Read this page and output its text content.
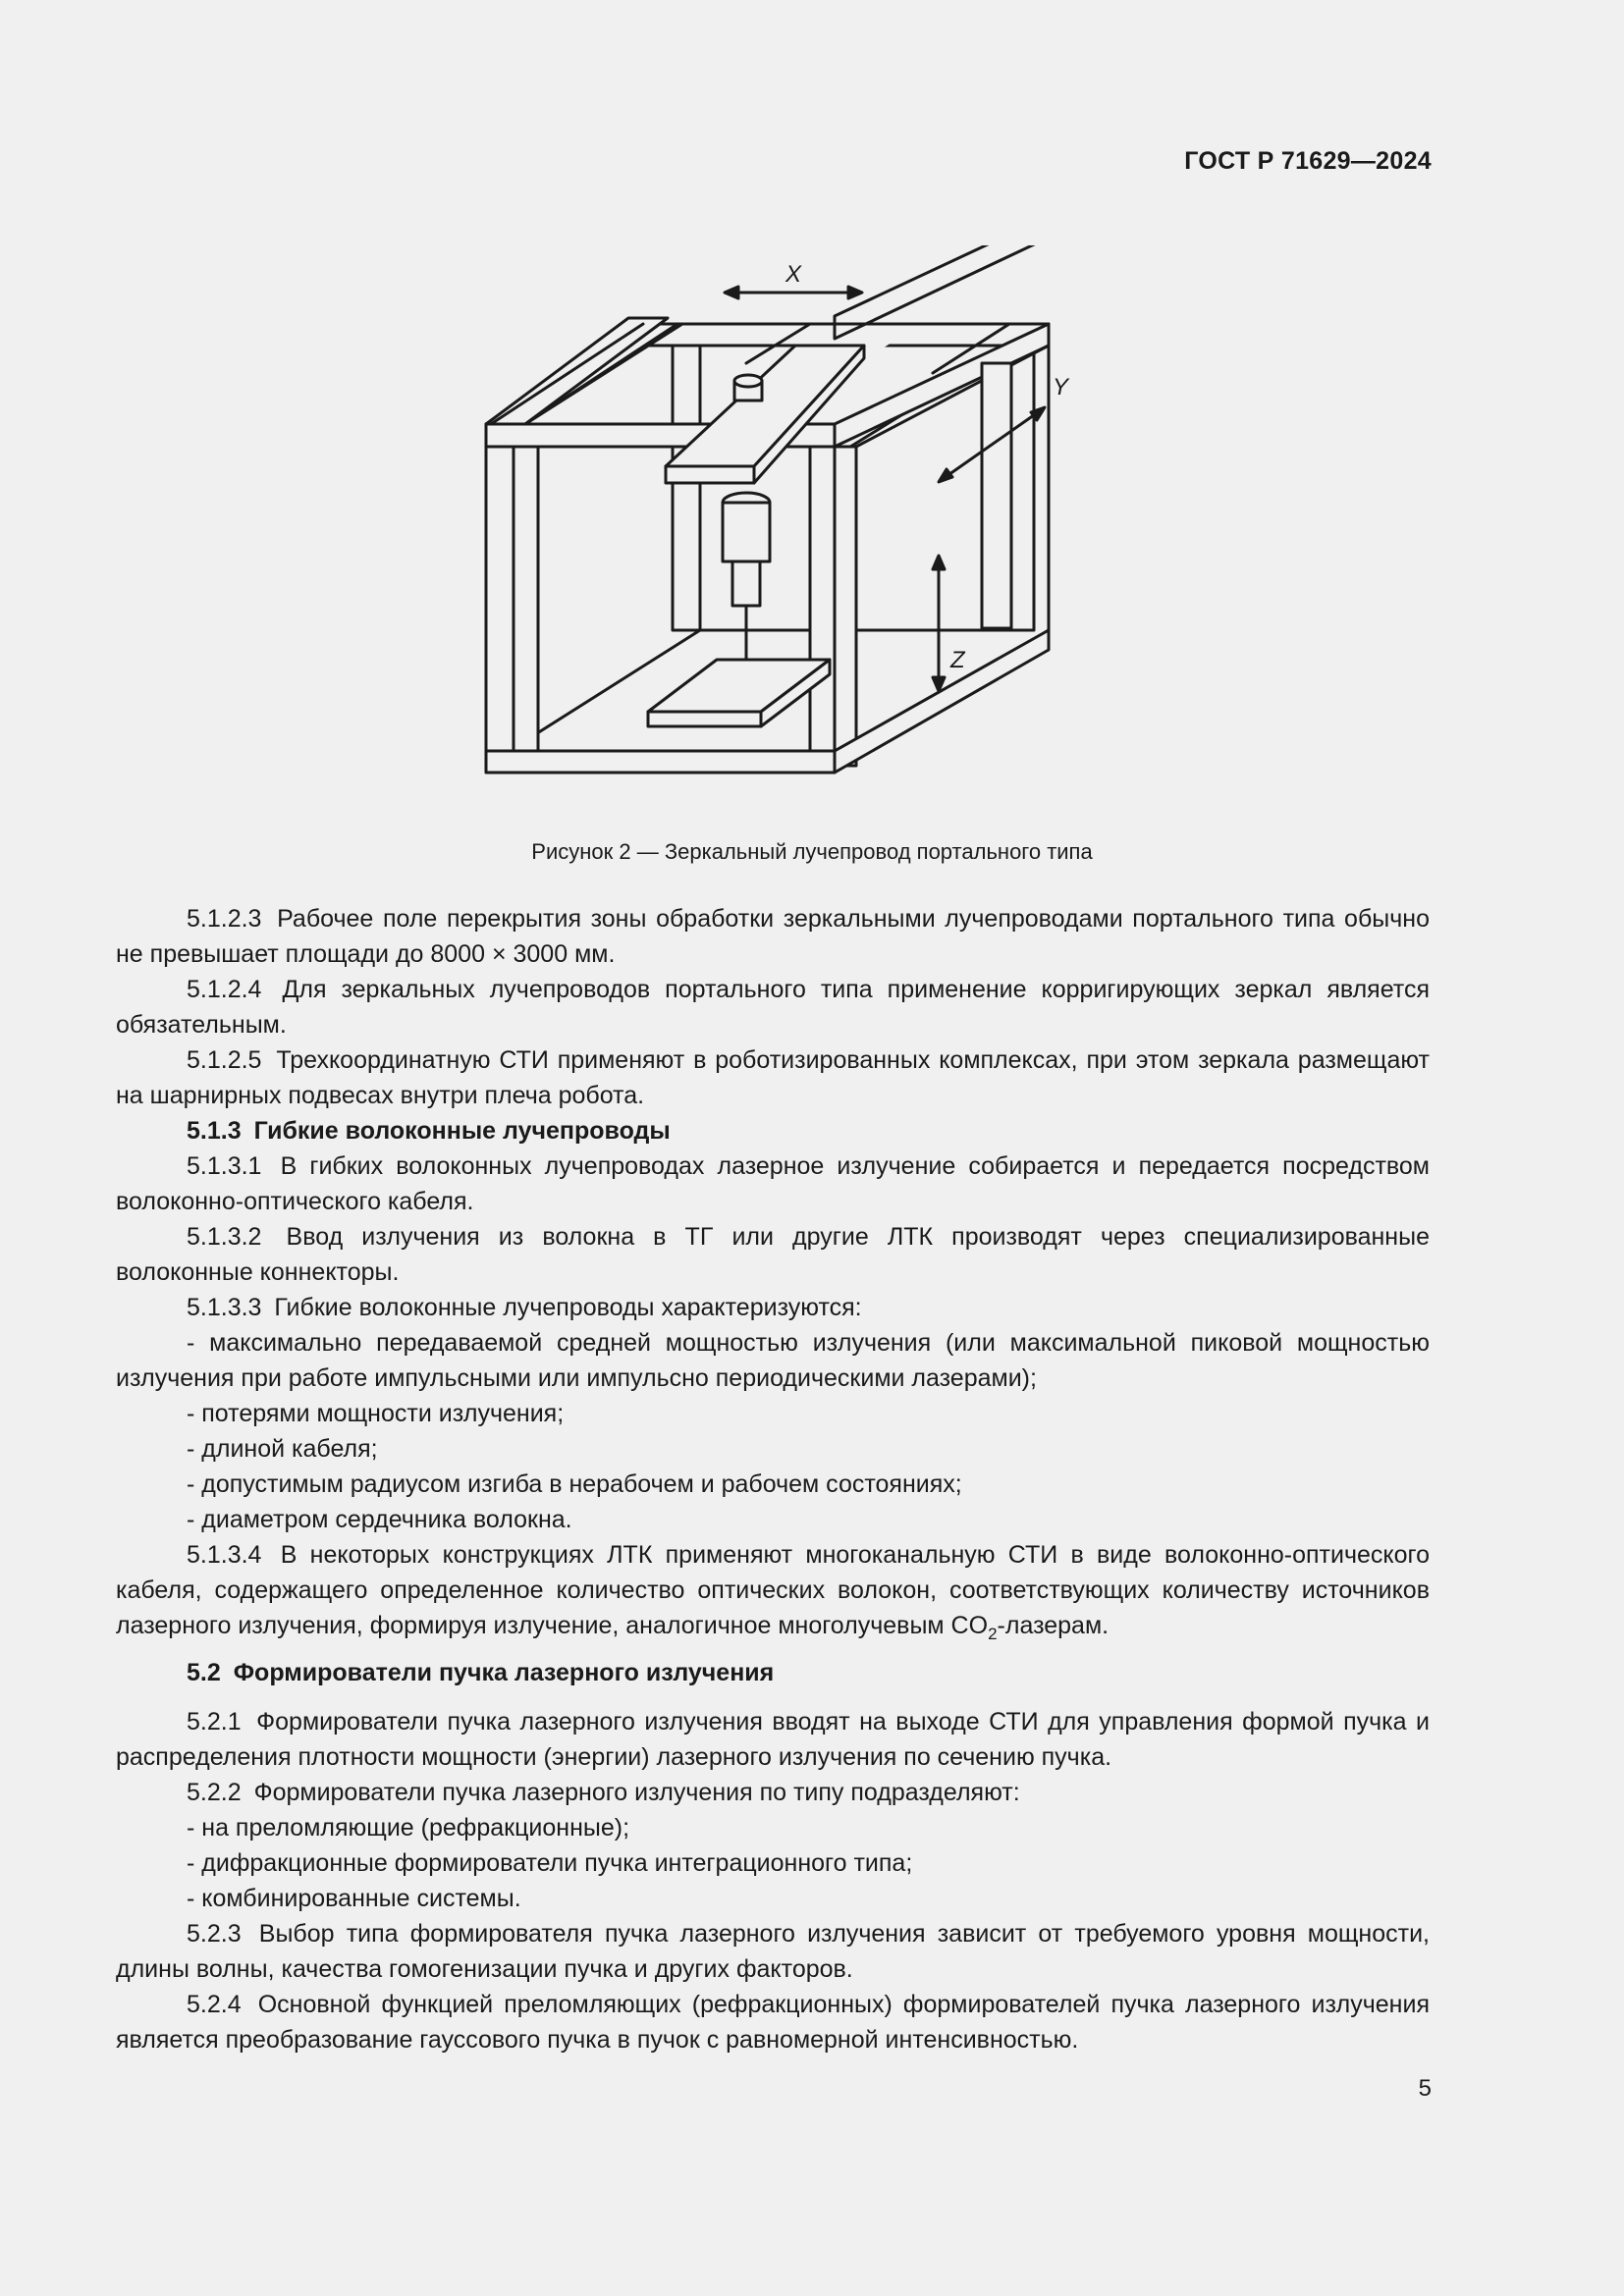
ГОСТ Р 71629—2024
X
Y
Z
Рисунок 2 — Зеркальный лучепровод портального типа

5.1.2.3 Рабочее поле перекрытия зоны обработки зеркальными лучепроводами портального типа обычно не превышает площади до 8000 × 3000 мм.

5.1.2.4 Для зеркальных лучепроводов портального типа применение корригирующих зеркал является обязательным.

5.1.2.5 Трехкоординатную СТИ применяют в роботизированных комплексах, при этом зеркала размещают на шарнирных подвесах внутри плеча робота.

5.1.3 Гибкие волоконные лучепроводы

5.1.3.1 В гибких волоконных лучепроводах лазерное излучение собирается и передается посредством волоконно-оптического кабеля.

5.1.3.2 Ввод излучения из волокна в ТГ или другие ЛТК производят через специализированные волоконные коннекторы.

5.1.3.3 Гибкие волоконные лучепроводы характеризуются:

- максимально передаваемой средней мощностью излучения (или максимальной пиковой мощностью излучения при работе импульсными или импульсно периодическими лазерами);

- потерями мощности излучения;

- длиной кабеля;

- допустимым радиусом изгиба в нерабочем и рабочем состояниях;

- диаметром сердечника волокна.

5.1.3.4 В некоторых конструкциях ЛТК применяют многоканальную СТИ в виде волоконно-оптического кабеля, содержащего определенное количество оптических волокон, соответствующих количеству источников лазерного излучения, формируя излучение, аналогичное многолучевым $CO_2$-лазерам.

5.2 Формирователи пучка лазерного излучения

5.2.1 Формирователи пучка лазерного излучения вводят на выходе СТИ для управления формой пучка и распределения плотности мощности (энергии) лазерного излучения по сечению пучка.

5.2.2 Формирователи пучка лазерного излучения по типу подразделяют:

- на преломляющие (рефракционные);

- дифракционные формирователи пучка интеграционного типа;

- комбинированные системы.

5.2.3 Выбор типа формирователя пучка лазерного излучения зависит от требуемого уровня мощности, длины волны, качества гомогенизации пучка и других факторов.

5.2.4 Основной функцией преломляющих (рефракционных) формирователей пучка лазерного излучения является преобразование гауссового пучка в пучок с равномерной интенсивностью.

5
